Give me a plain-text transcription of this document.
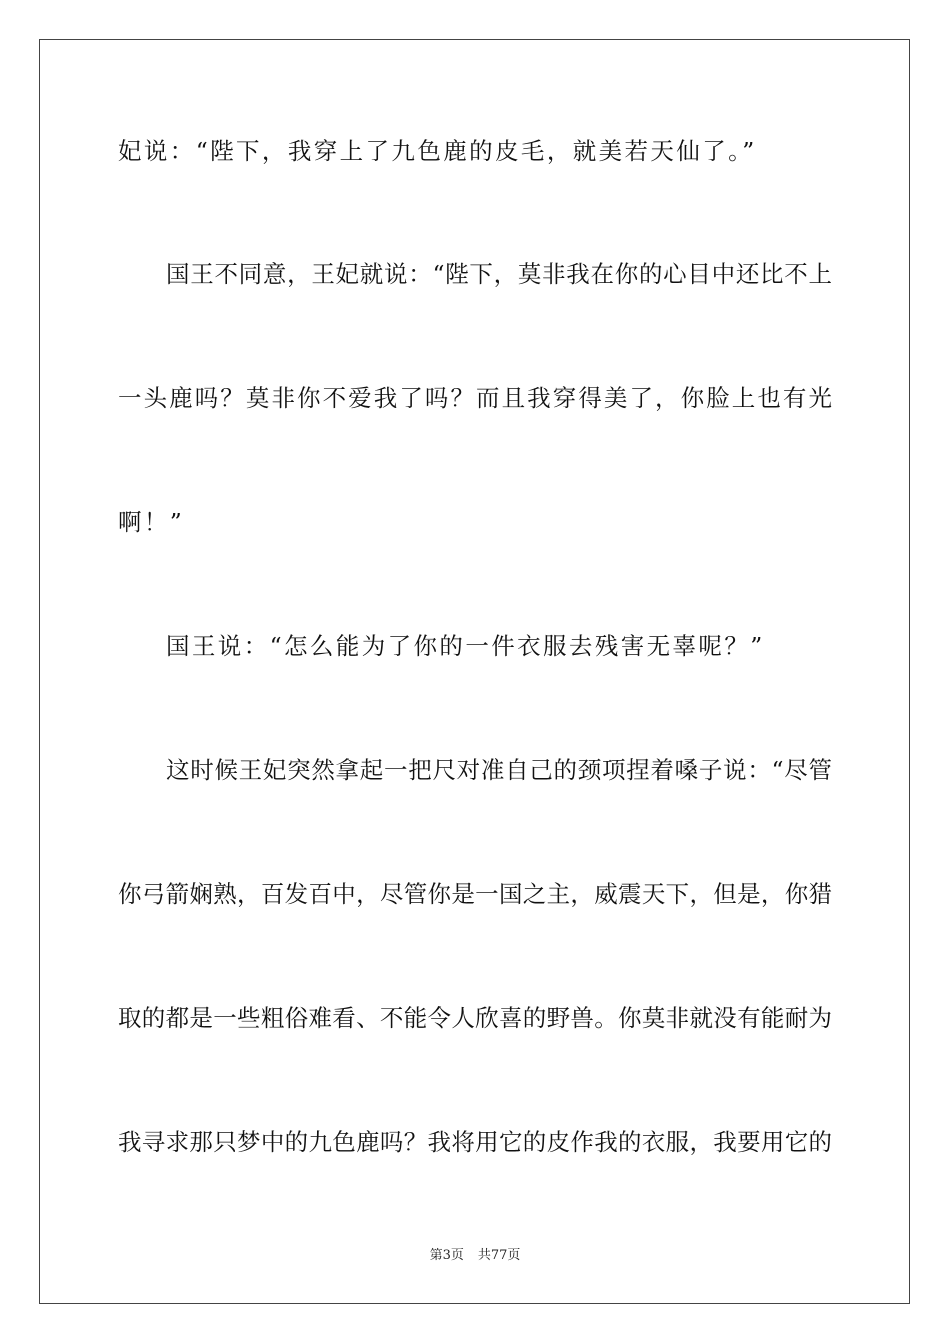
妃说：“陛下，我穿上了九色鹿的皮毛，就美若天仙了。”
国王不同意，王妃就说：“陛下，莫非我在你的心目中还比不上
一头鹿吗？莫非你不爱我了吗？而且我穿得美了，你脸上也有光
啊！”
国王说：“怎么能为了你的一件衣服去残害无辜呢？”
这时候王妃突然拿起一把尺对准自己的颈项捏着嗓子说：“尽管
你弓箭娴熟，百发百中，尽管你是一国之主，威震天下，但是，你猎
取的都是一些粗俗难看、不能令人欣喜的野兽。你莫非就没有能耐为
我寻求那只梦中的九色鹿吗？我将用它的皮作我的衣服，我要用它的
第3页 共77页
